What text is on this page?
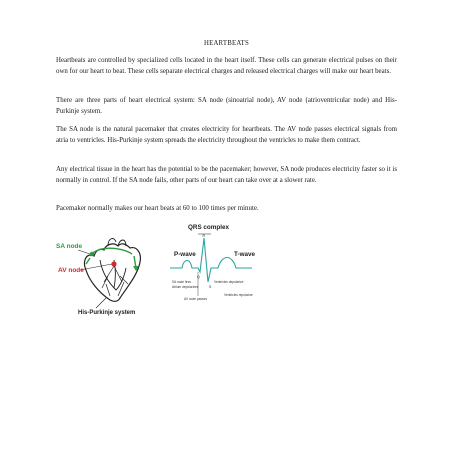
HEARTBEATS

Heartbeats are controlled by specialized cells located in the heart itself. These cells can generate electrical pulses on their own for our heart to beat. These cells separate electrical charges and released electrical charges will make our heart beats.

There are three parts of heart electrical system: SA node (sinoatrial node), AV node (atrioventricular node) and His-Purkinje system.

The SA node is the natural pacemaker that creates electricity for heartbeats. The AV node passes electrical signals from atria to ventricles. His-Purkinje system spreads the electricity throughout the ventricles to make them contract.

Any electrical tissue in the heart has the potential to be the pacemaker; however, SA node produces electricity faster so it is normally in control. If the SA node fails, other parts of our heart can take over at a slower rate.

Pacemaker normally makes our heart beats at 60 to 100 times per minute.

SA node
AV node
His-Purkinje system
QRS complex
R
P-wave	T-wave
Q
S
SA node fires
Atrium depolarizes
Ventricles depolarize
AV node passes
Ventricles repolarize
